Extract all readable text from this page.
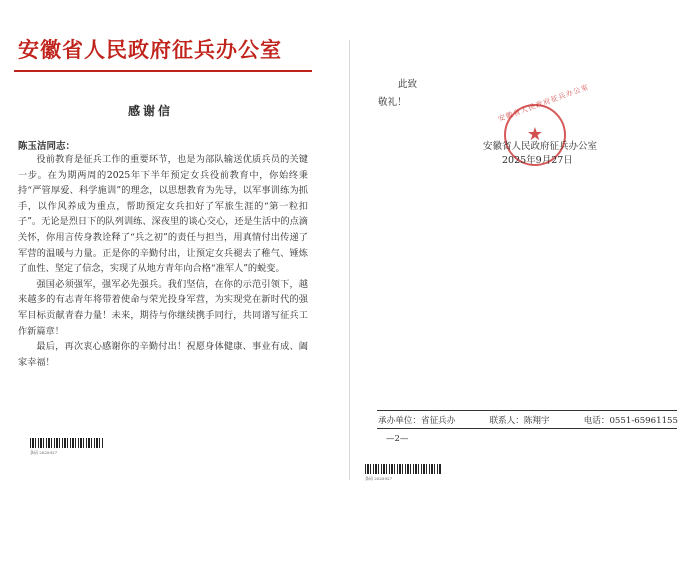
安徽省人民政府征兵办公室
感谢信
陈玉洁同志：

役前教育是征兵工作的重要环节，也是为部队输送优质兵员的关键一步。在为期两周的2025年下半年预定女兵役前教育中，你始终秉持“严管厚爱、科学施训”的理念，以思想教育为先导，以军事训练为抓手，以作风养成为重点，帮助预定女兵扣好了军旅生涯的“第一粒扣子”。无论是烈日下的队列训练、深夜里的谈心交心，还是生活中的点滴关怀，你用言传身教诠释了“兵之初”的责任与担当，用真情付出传递了军营的温暖与力量。正是你的辛勤付出，让预定女兵褪去了稚气、锤炼了血性、坚定了信念，实现了从地方青年向合格“准军人”的蜕变。

强国必须强军，强军必先强兵。我们坚信，在你的示范引领下，越来越多的有志青年将带着使命与荣光投身军营，为实现党在新时代的强军目标贡献青春力量！未来，期待与你继续携手同行，共同谱写征兵工作新篇章！

最后，再次衷心感谢你的辛勤付出！祝愿身体健康、事业有成、阖家幸福！

条码 2025927
此致
敬礼！	安徽省人民政府征兵办公室
★
安徽省人民政府征兵办公室
2025年9月27日
承办单位：省征兵办	联系人：陈翔宇	电话：0551-65961155
—2—
条码 2025927
